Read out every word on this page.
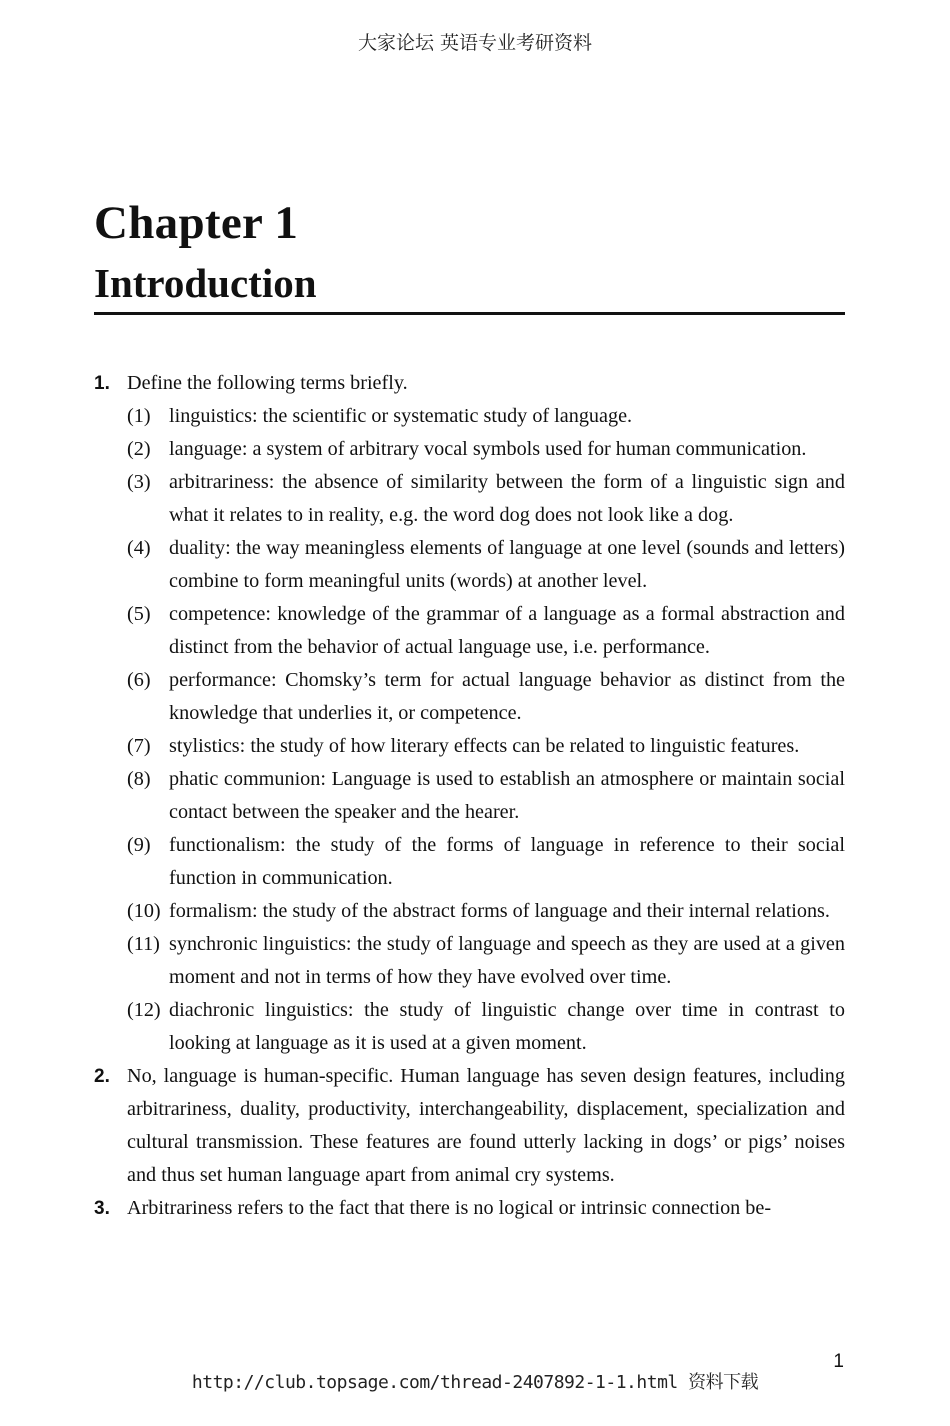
大家论坛 英语专业考研资料
Chapter 1
Introduction
1. Define the following terms briefly.
(1) linguistics: the scientific or systematic study of language.
(2) language: a system of arbitrary vocal symbols used for human communication.
(3) arbitrariness: the absence of similarity between the form of a linguistic sign and what it relates to in reality, e.g. the word dog does not look like a dog.
(4) duality: the way meaningless elements of language at one level (sounds and letters) combine to form meaningful units (words) at another level.
(5) competence: knowledge of the grammar of a language as a formal abstraction and distinct from the behavior of actual language use, i.e. performance.
(6) performance: Chomsky’s term for actual language behavior as distinct from the knowledge that underlies it, or competence.
(7) stylistics: the study of how literary effects can be related to linguistic features.
(8) phatic communion: Language is used to establish an atmosphere or maintain social contact between the speaker and the hearer.
(9) functionalism: the study of the forms of language in reference to their social function in communication.
(10) formalism: the study of the abstract forms of language and their internal relations.
(11) synchronic linguistics: the study of language and speech as they are used at a given moment and not in terms of how they have evolved over time.
(12) diachronic linguistics: the study of linguistic change over time in contrast to looking at language as it is used at a given moment.
2. No, language is human-specific. Human language has seven design features, including arbitrariness, duality, productivity, interchangeability, displacement, specialization and cultural transmission. These features are found utterly lacking in dogs’ or pigs’ noises and thus set human language apart from animal cry systems.
3. Arbitrariness refers to the fact that there is no logical or intrinsic connection be-
1
http://club.topsage.com/thread-2407892-1-1.html 资料下载
